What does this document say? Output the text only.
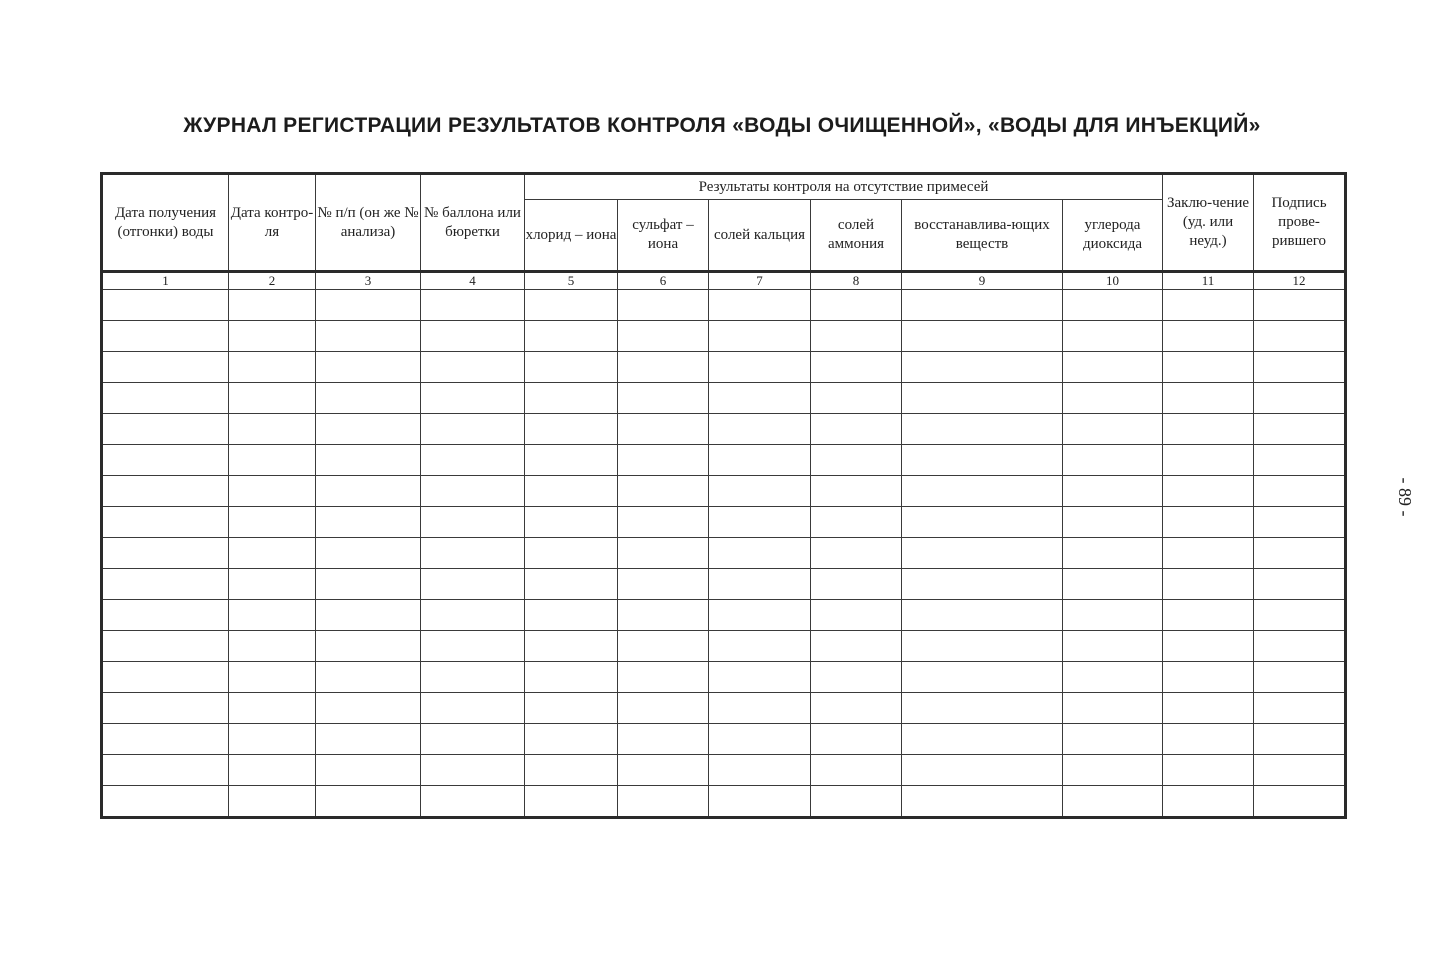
ЖУРНАЛ РЕГИСТРАЦИИ РЕЗУЛЬТАТОВ КОНТРОЛЯ «ВОДЫ ОЧИЩЕННОЙ», «ВОДЫ ДЛЯ ИНЪЕКЦИЙ»
- 89 -
Дата получения (отгонки) воды	Дата контро-ля	№ п/п (он же № анализа)	№ баллона или бюретки	Результаты контроля на отсутствие примесей						Заклю-чение (уд. или неуд.)	Подпись прове-рившего
				хлорид – иона	сульфат – иона	солей кальция	солей аммония	восстанавлива-ющих веществ	углерода диоксида		
1	2	3	4	5	6	7	8	9	10	11	12
